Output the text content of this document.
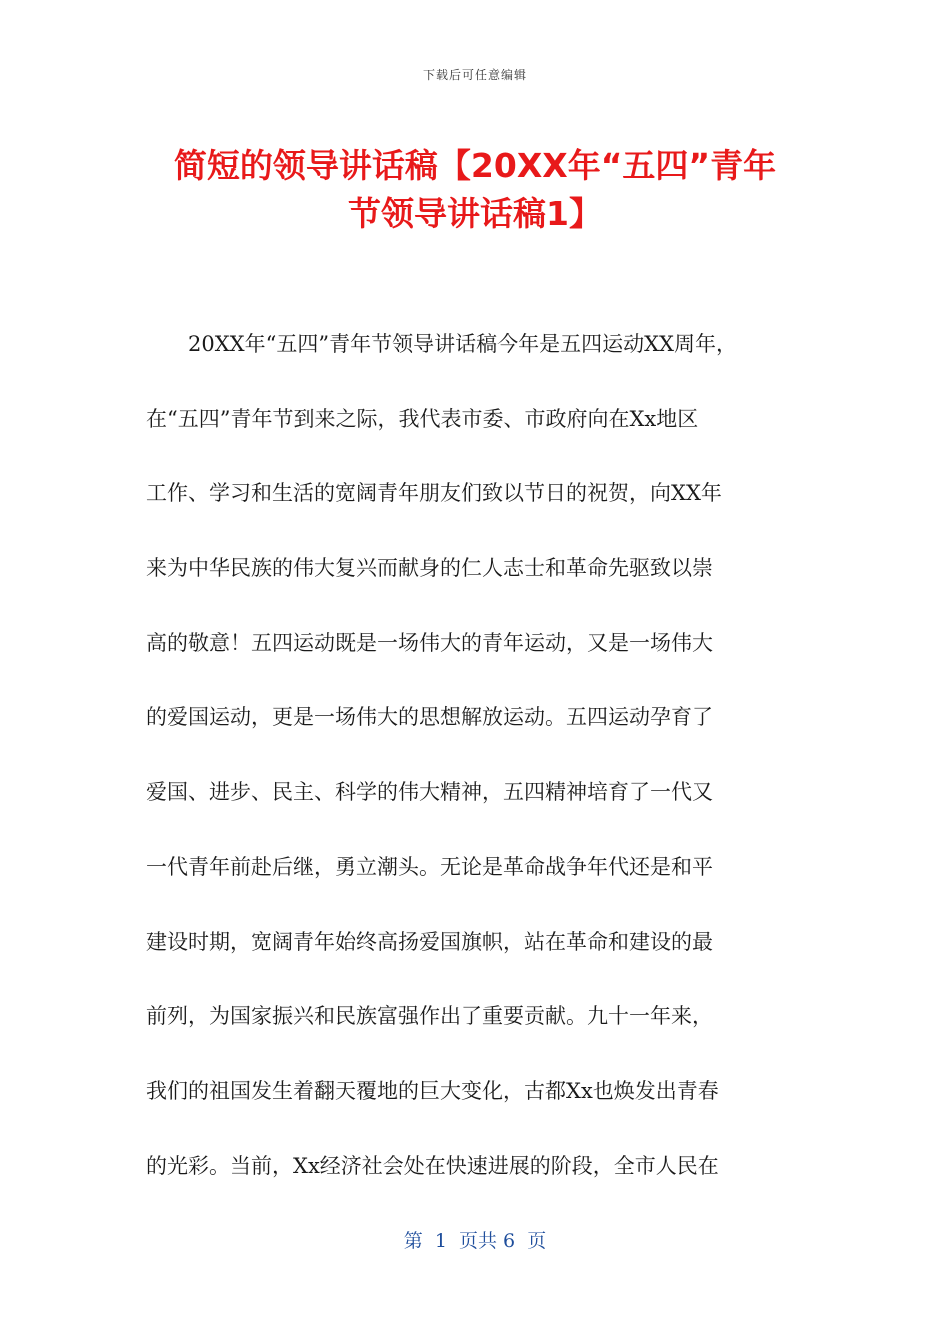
下载后可任意编辑
简短的领导讲话稿【20XX年“五四”青年
节领导讲话稿1】
20XX年“五四”青年节领导讲话稿今年是五四运动XX周年，
在“五四”青年节到来之际，我代表市委、市政府向在Xx地区
工作、学习和生活的宽阔青年朋友们致以节日的祝贺，向XX年
来为中华民族的伟大复兴而献身的仁人志士和革命先驱致以崇
高的敬意！五四运动既是一场伟大的青年运动，又是一场伟大
的爱国运动，更是一场伟大的思想解放运动。五四运动孕育了
爱国、进步、民主、科学的伟大精神，五四精神培育了一代又
一代青年前赴后继，勇立潮头。无论是革命战争年代还是和平
建设时期，宽阔青年始终高扬爱国旗帜，站在革命和建设的最
前列，为国家振兴和民族富强作出了重要贡献。九十一年来，
我们的祖国发生着翻天覆地的巨大变化，古都Xx也焕发出青春
的光彩。当前，Xx经济社会处在快速进展的阶段，全市人民在
第  1  页共 6  页
